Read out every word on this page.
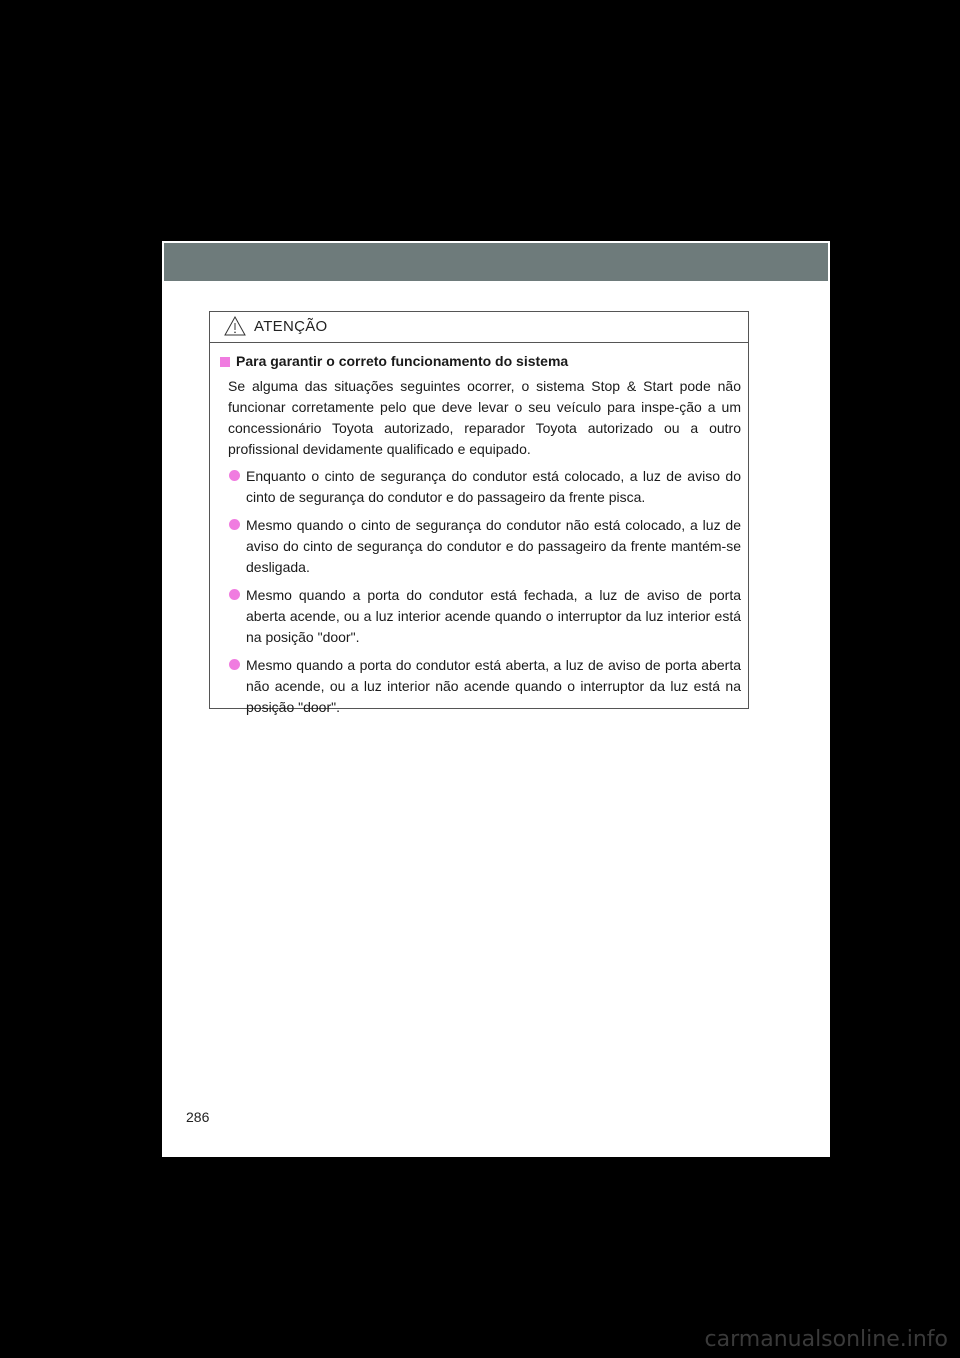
ATENÇÃO
Para garantir o correto funcionamento do sistema
Se alguma das situações seguintes ocorrer, o sistema Stop & Start pode não funcionar corretamente pelo que deve levar o seu veículo para inspe-ção a um concessionário Toyota autorizado, reparador Toyota autorizado ou a outro profissional devidamente qualificado e equipado.
Enquanto o cinto de segurança do condutor está colocado, a luz de aviso do cinto de segurança do condutor e do passageiro da frente pisca.
Mesmo quando o cinto de segurança do condutor não está colocado, a luz de aviso do cinto de segurança do condutor e do passageiro da frente mantém-se desligada.
Mesmo quando a porta do condutor está fechada, a luz de aviso de porta aberta acende, ou a luz interior acende quando o interruptor da luz interior está na posição "door".
Mesmo quando a porta do condutor está aberta, a luz de aviso de porta aberta não acende, ou a luz interior não acende quando o interruptor da luz está na posição "door".
286
carmanualsonline.info
